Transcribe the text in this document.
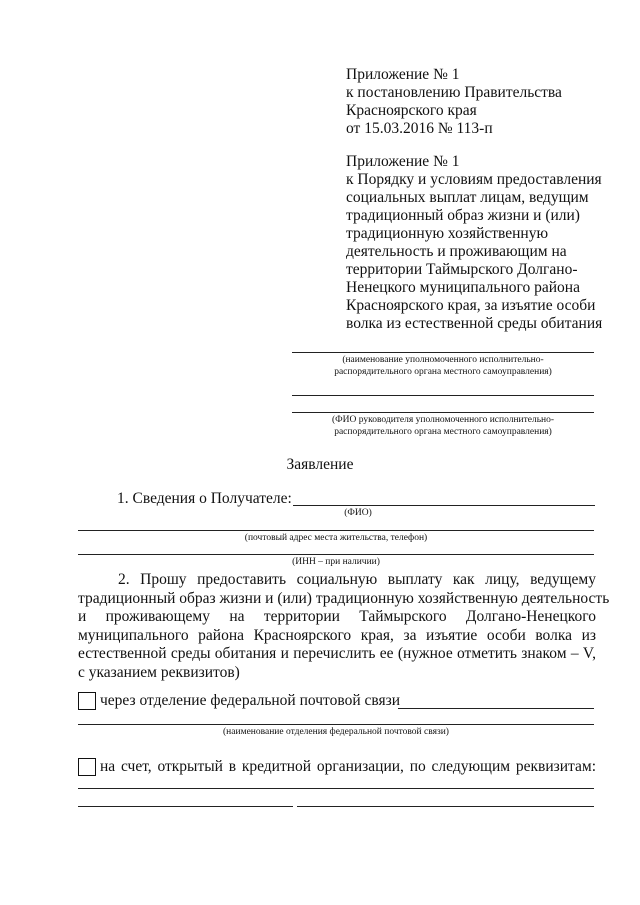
Приложение № 1
к постановлению Правительства
Красноярского края
от 15.03.2016 № 113-п
Приложение № 1
к Порядку и условиям предоставления
социальных выплат лицам, ведущим
традиционный образ жизни и (или)
традиционную хозяйственную
деятельность и проживающим на
территории Таймырского Долгано-
Ненецкого муниципального района
Красноярского края, за изъятие особи
волка из естественной среды обитания
(наименование уполномоченного исполнительно-
распорядительного органа местного самоуправления)
(ФИО руководителя уполномоченного исполнительно-
распорядительного органа местного самоуправления)
Заявление
1. Сведения о Получателе:
(ФИО)
(почтовый адрес места жительства, телефон)
(ИНН – при наличии)
2. Прошу предоставить социальную выплату как лицу, ведущему
традиционный образ жизни и (или) традиционную хозяйственную деятельность
и проживающему на территории Таймырского Долгано-Ненецкого
муниципального района Красноярского края, за изъятие особи волка из
естественной среды обитания и перечислить ее (нужное отметить знаком – V,
с указанием реквизитов)
через отделение федеральной почтовой связи
(наименование отделения федеральной почтовой связи)
на счет, открытый в кредитной организации, по следующим реквизитам:
